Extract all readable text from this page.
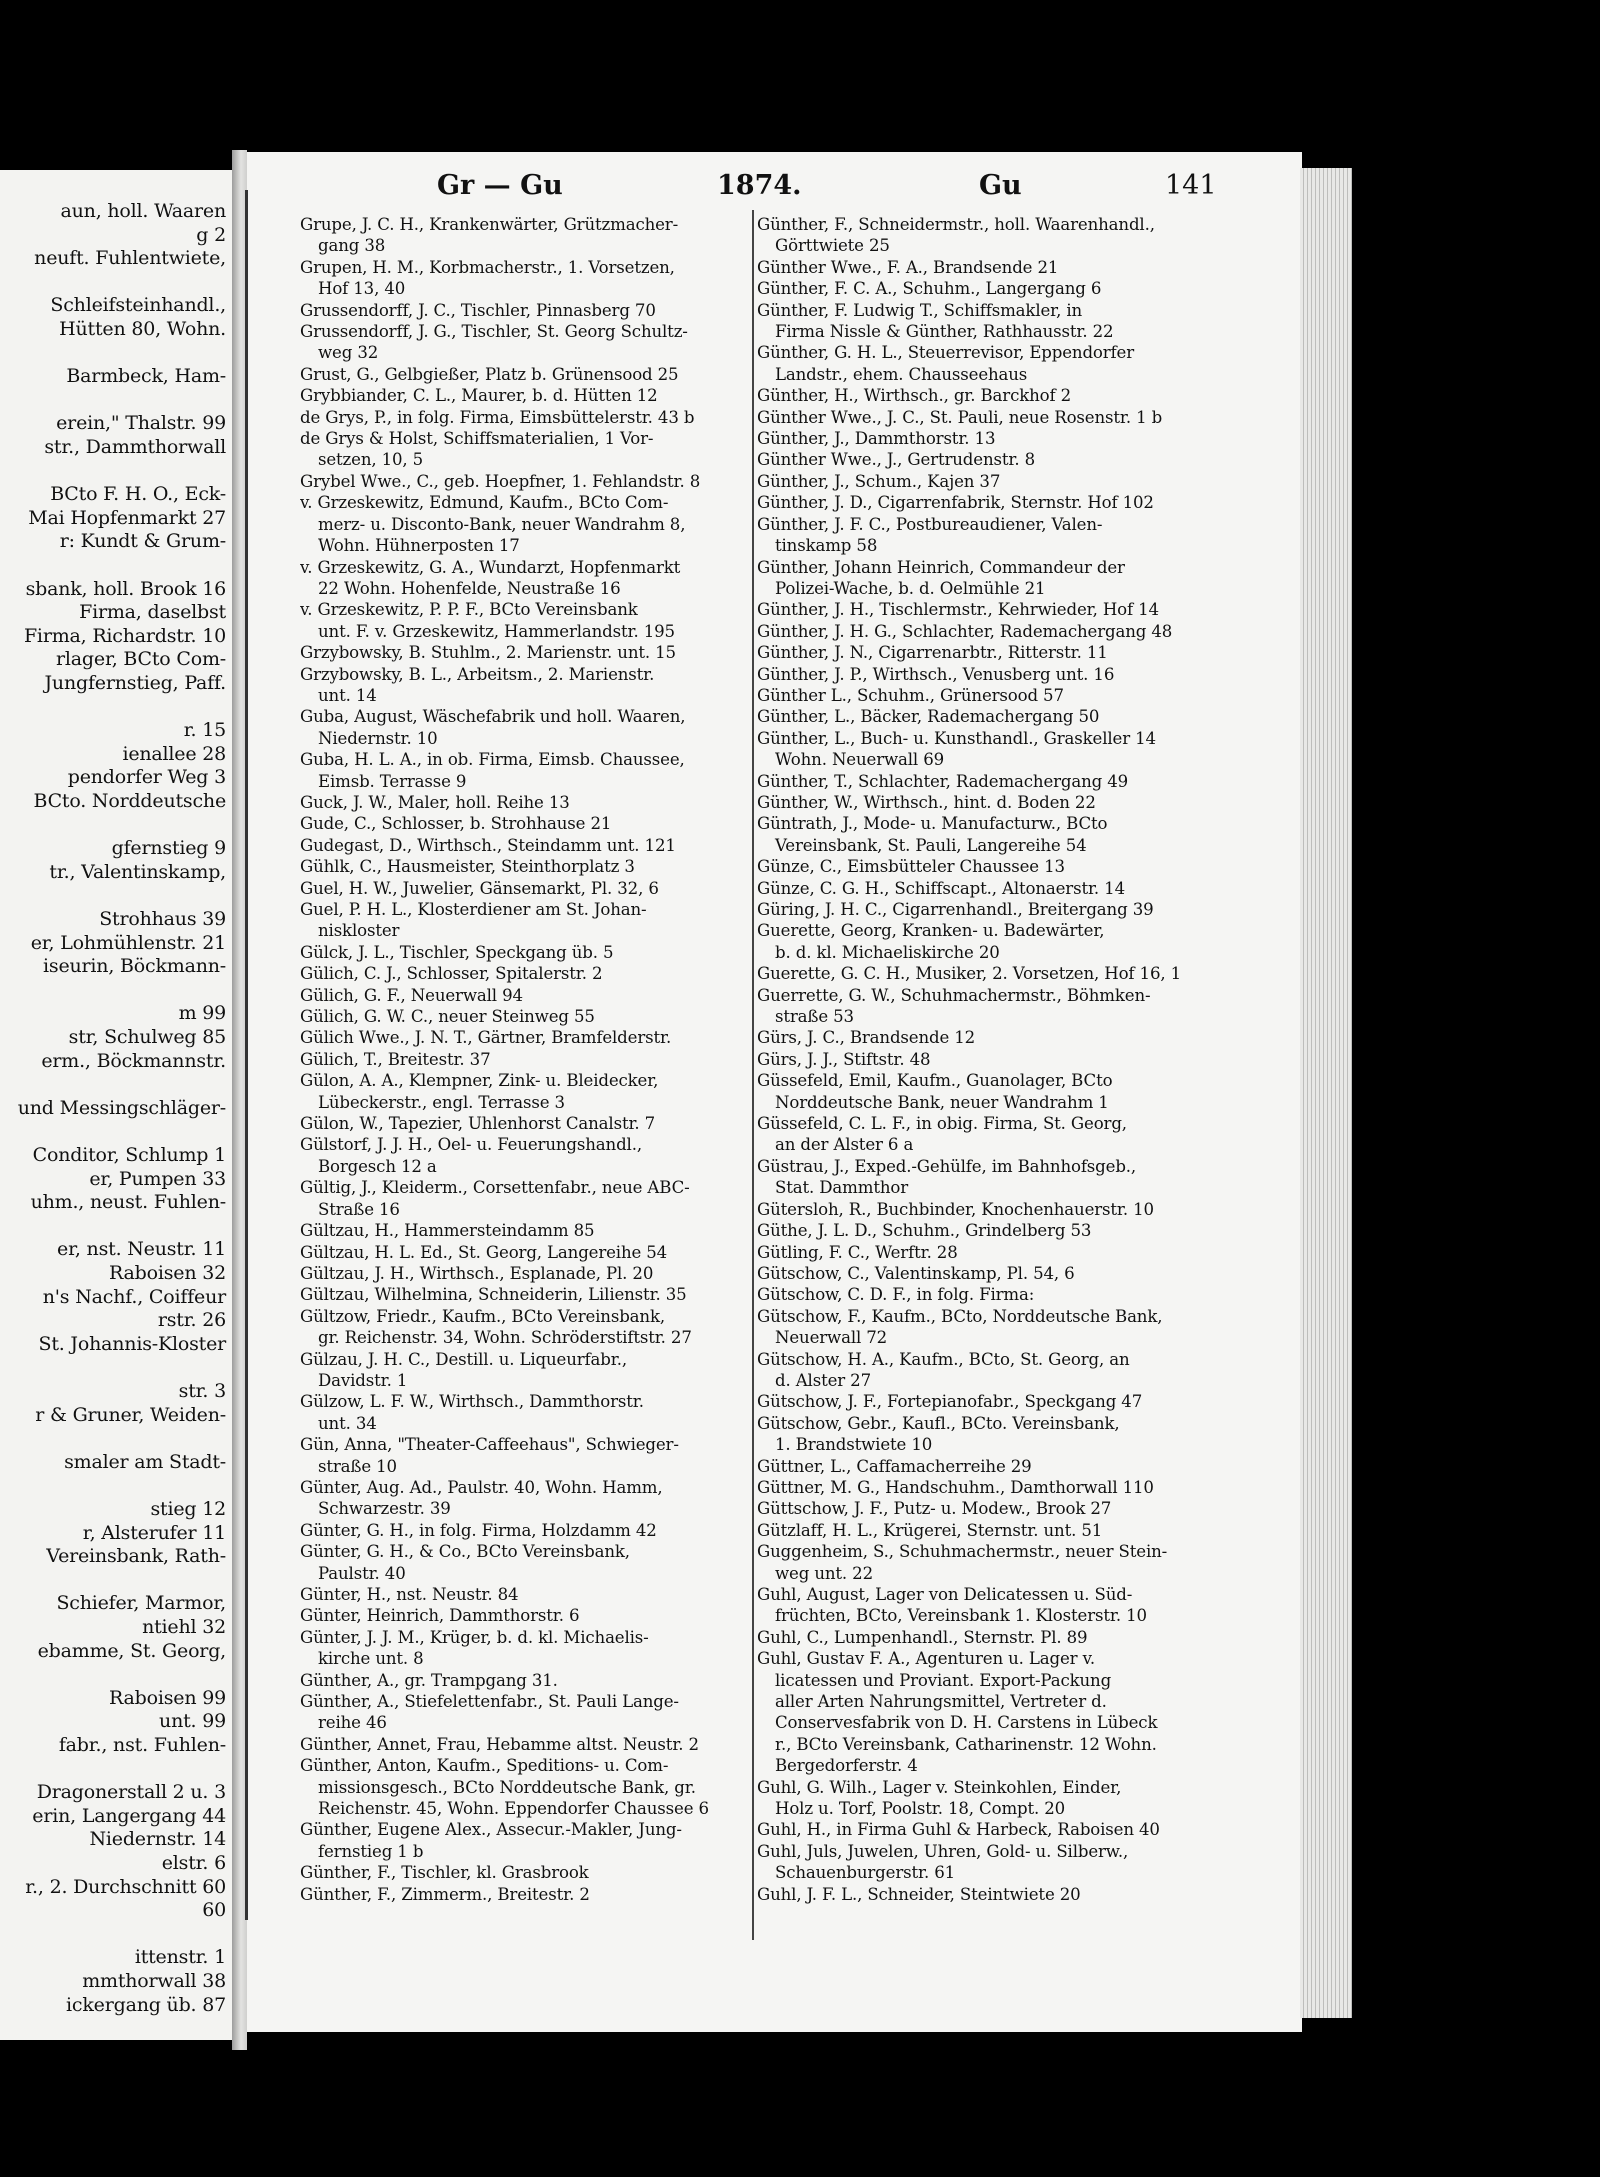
aun, holl. Waaren
g 2
neuft. Fuhlentwiete,
Schleifsteinhandl.,
Hütten 80, Wohn.
Barmbeck, Ham-
erein," Thalstr. 99
str., Dammthorwall
BCto F. H. O., Eck-
Mai Hopfenmarkt 27
r: Kundt & Grum-
sbank, holl. Brook 16
Firma, daselbst
Firma, Richardstr. 10
rlager, BCto Com-
Jungfernstieg, Paff.
r. 15
ienallee 28
pendorfer Weg 3
BCto. Norddeutsche
gfernstieg 9
tr., Valentinskamp,
Strohhaus 39
er, Lohmühlenstr. 21
iseurin, Böckmann-
m 99
str, Schulweg 85
erm., Böckmannstr.
und Messingschläger-
Conditor, Schlump 1
er, Pumpen 33
uhm., neust. Fuhlen-
er, nst. Neustr. 11
Raboisen 32
n's Nachf., Coiffeur
rstr. 26
St. Johannis-Kloster
str. 3
r & Gruner, Weiden-
smaler am Stadt-
stieg 12
r, Alsterufer 11
Vereinsbank, Rath-
Schiefer, Marmor,
ntiehl 32
ebamme, St. Georg,
Raboisen 99
unt. 99
fabr., nst. Fuhlen-
Dragonerstall 2 u. 3
erin, Langergang 44
Niedernstr. 14
elstr. 6
r., 2. Durchschnitt 60
60
ittenstr. 1
mmthorwall 38
ickergang üb. 87
Gr — Gu	1874.	Gu	141
Grupe, J. C. H., Krankenwärter, Grützmacher-
gang 38
Grupen, H. M., Korbmacherstr., 1. Vorsetzen,
Hof 13, 40
Grussendorff, J. C., Tischler, Pinnasberg 70
Grussendorff, J. G., Tischler, St. Georg Schultz-
weg 32
Grust, G., Gelbgießer, Platz b. Grünensood 25
Grybbiander, C. L., Maurer, b. d. Hütten 12
de Grys, P., in folg. Firma, Eimsbüttelerstr. 43 b
de Grys & Holst, Schiffsmaterialien, 1 Vor-
setzen, 10, 5
Grybel Wwe., C., geb. Hoepfner, 1. Fehlandstr. 8
v. Grzeskewitz, Edmund, Kaufm., BCto Com-
merz- u. Disconto-Bank, neuer Wandrahm 8,
Wohn. Hühnerposten 17
v. Grzeskewitz, G. A., Wundarzt, Hopfenmarkt
22 Wohn. Hohenfelde, Neustraße 16
v. Grzeskewitz, P. P. F., BCto Vereinsbank
unt. F. v. Grzeskewitz, Hammerlandstr. 195
Grzybowsky, B. Stuhlm., 2. Marienstr. unt. 15
Grzybowsky, B. L., Arbeitsm., 2. Marienstr.
unt. 14
Guba, August, Wäschefabrik und holl. Waaren,
Niedernstr. 10
Guba, H. L. A., in ob. Firma, Eimsb. Chaussee,
Eimsb. Terrasse 9
Guck, J. W., Maler, holl. Reihe 13
Gude, C., Schlosser, b. Strohhause 21
Gudegast, D., Wirthsch., Steindamm unt. 121
Gühlk, C., Hausmeister, Steinthorplatz 3
Guel, H. W., Juwelier, Gänsemarkt, Pl. 32, 6
Guel, P. H. L., Klosterdiener am St. Johan-
niskloster
Gülck, J. L., Tischler, Speckgang üb. 5
Gülich, C. J., Schlosser, Spitalerstr. 2
Gülich, G. F., Neuerwall 94
Gülich, G. W. C., neuer Steinweg 55
Gülich Wwe., J. N. T., Gärtner, Bramfelderstr.
Gülich, T., Breitestr. 37
Gülon, A. A., Klempner, Zink- u. Bleidecker,
Lübeckerstr., engl. Terrasse 3
Gülon, W., Tapezier, Uhlenhorst Canalstr. 7
Gülstorf, J. J. H., Oel- u. Feuerungshandl.,
Borgesch 12 a
Gültig, J., Kleiderm., Corsettenfabr., neue ABC-
Straße 16
Gültzau, H., Hammersteindamm 85
Gültzau, H. L. Ed., St. Georg, Langereihe 54
Gültzau, J. H., Wirthsch., Esplanade, Pl. 20
Gültzau, Wilhelmina, Schneiderin, Lilienstr. 35
Gültzow, Friedr., Kaufm., BCto Vereinsbank,
gr. Reichenstr. 34, Wohn. Schröderstiftstr. 27
Gülzau, J. H. C., Destill. u. Liqueurfabr.,
Davidstr. 1
Gülzow, L. F. W., Wirthsch., Dammthorstr.
unt. 34
Gün, Anna, "Theater-Caffeehaus", Schwieger-
straße 10
Günter, Aug. Ad., Paulstr. 40, Wohn. Hamm,
Schwarzestr. 39
Günter, G. H., in folg. Firma, Holzdamm 42
Günter, G. H., & Co., BCto Vereinsbank,
Paulstr. 40
Günter, H., nst. Neustr. 84
Günter, Heinrich, Dammthorstr. 6
Günter, J. J. M., Krüger, b. d. kl. Michaelis-
kirche unt. 8
Günther, A., gr. Trampgang 31.
Günther, A., Stiefelettenfabr., St. Pauli Lange-
reihe 46
Günther, Annet, Frau, Hebamme altst. Neustr. 2
Günther, Anton, Kaufm., Speditions- u. Com-
missionsgesch., BCto Norddeutsche Bank, gr.
Reichenstr. 45, Wohn. Eppendorfer Chaussee 6
Günther, Eugene Alex., Assecur.-Makler, Jung-
fernstieg 1 b
Günther, F., Tischler, kl. Grasbrook
Günther, F., Zimmerm., Breitestr. 2
Günther, F., Schneidermstr., holl. Waarenhandl.,
Görttwiete 25
Günther Wwe., F. A., Brandsende 21
Günther, F. C. A., Schuhm., Langergang 6
Günther, F. Ludwig T., Schiffsmakler, in
Firma Nissle & Günther, Rathhausstr. 22
Günther, G. H. L., Steuerrevisor, Eppendorfer
Landstr., ehem. Chausseehaus
Günther, H., Wirthsch., gr. Barckhof 2
Günther Wwe., J. C., St. Pauli, neue Rosenstr. 1 b
Günther, J., Dammthorstr. 13
Günther Wwe., J., Gertrudenstr. 8
Günther, J., Schum., Kajen 37
Günther, J. D., Cigarrenfabrik, Sternstr. Hof 102
Günther, J. F. C., Postbureaudiener, Valen-
tinskamp 58
Günther, Johann Heinrich, Commandeur der
Polizei-Wache, b. d. Oelmühle 21
Günther, J. H., Tischlermstr., Kehrwieder, Hof 14
Günther, J. H. G., Schlachter, Rademachergang 48
Günther, J. N., Cigarrenarbtr., Ritterstr. 11
Günther, J. P., Wirthsch., Venusberg unt. 16
Günther L., Schuhm., Grünersood 57
Günther, L., Bäcker, Rademachergang 50
Günther, L., Buch- u. Kunsthandl., Graskeller 14
Wohn. Neuerwall 69
Günther, T., Schlachter, Rademachergang 49
Günther, W., Wirthsch., hint. d. Boden 22
Güntrath, J., Mode- u. Manufacturw., BCto
Vereinsbank, St. Pauli, Langereihe 54
Günze, C., Eimsbütteler Chaussee 13
Günze, C. G. H., Schiffscapt., Altonaerstr. 14
Güring, J. H. C., Cigarrenhandl., Breitergang 39
Guerette, Georg, Kranken- u. Badewärter,
b. d. kl. Michaeliskirche 20
Guerette, G. C. H., Musiker, 2. Vorsetzen, Hof 16, 1
Guerrette, G. W., Schuhmachermstr., Böhmken-
straße 53
Gürs, J. C., Brandsende 12
Gürs, J. J., Stiftstr. 48
Güssefeld, Emil, Kaufm., Guanolager, BCto
Norddeutsche Bank, neuer Wandrahm 1
Güssefeld, C. L. F., in obig. Firma, St. Georg,
an der Alster 6 a
Güstrau, J., Exped.-Gehülfe, im Bahnhofsgeb.,
Stat. Dammthor
Gütersloh, R., Buchbinder, Knochenhauerstr. 10
Güthe, J. L. D., Schuhm., Grindelberg 53
Gütling, F. C., Werftr. 28
Gütschow, C., Valentinskamp, Pl. 54, 6
Gütschow, C. D. F., in folg. Firma:
Gütschow, F., Kaufm., BCto, Norddeutsche Bank,
Neuerwall 72
Gütschow, H. A., Kaufm., BCto, St. Georg, an
d. Alster 27
Gütschow, J. F., Fortepianofabr., Speckgang 47
Gütschow, Gebr., Kaufl., BCto. Vereinsbank,
1. Brandstwiete 10
Güttner, L., Caffamacherreihe 29
Güttner, M. G., Handschuhm., Damthorwall 110
Güttschow, J. F., Putz- u. Modew., Brook 27
Gützlaff, H. L., Krügerei, Sternstr. unt. 51
Guggenheim, S., Schuhmachermstr., neuer Stein-
weg unt. 22
Guhl, August, Lager von Delicatessen u. Süd-
früchten, BCto, Vereinsbank 1. Klosterstr. 10
Guhl, C., Lumpenhandl., Sternstr. Pl. 89
Guhl, Gustav F. A., Agenturen u. Lager v.
licatessen und Proviant. Export-Packung
aller Arten Nahrungsmittel, Vertreter d.
Conservesfabrik von D. H. Carstens in Lübeck
r., BCto Vereinsbank, Catharinenstr. 12 Wohn.
Bergedorferstr. 4
Guhl, G. Wilh., Lager v. Steinkohlen, Einder,
Holz u. Torf, Poolstr. 18, Compt. 20
Guhl, H., in Firma Guhl & Harbeck, Raboisen 40
Guhl, Juls, Juwelen, Uhren, Gold- u. Silberw.,
Schauenburgerstr. 61
Guhl, J. F. L., Schneider, Steintwiete 20
